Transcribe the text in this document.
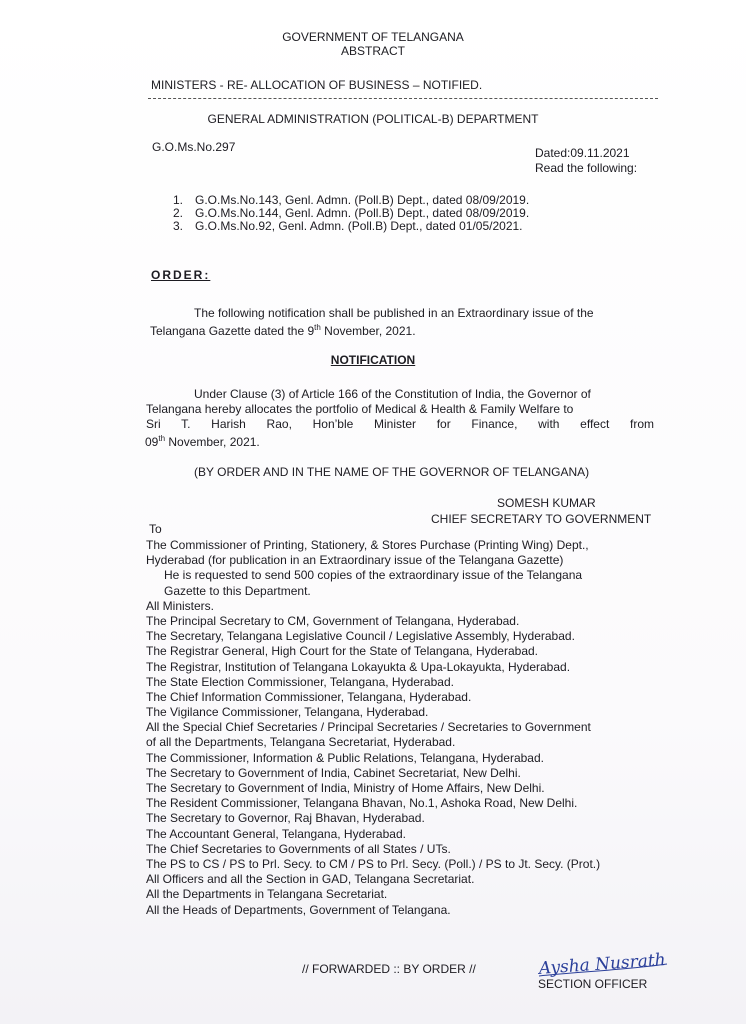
GOVERNMENT OF TELANGANA
ABSTRACT
MINISTERS - RE- ALLOCATION OF BUSINESS – NOTIFIED.
GENERAL ADMINISTRATION (POLITICAL-B) DEPARTMENT
G.O.Ms.No.297	Dated:09.11.2021
Read the following:
1. G.O.Ms.No.143, Genl. Admn. (Poll.B) Dept., dated 08/09/2019.
2. G.O.Ms.No.144, Genl. Admn. (Poll.B) Dept., dated 08/09/2019.
3. G.O.Ms.No.92, Genl. Admn. (Poll.B) Dept., dated 01/05/2021.
ORDER:
The following notification shall be published in an Extraordinary issue of the
Telangana Gazette dated the 9th November, 2021.
NOTIFICATION
Under Clause (3) of Article 166 of the Constitution of India, the Governor of
Telangana hereby allocates the portfolio of Medical & Health & Family Welfare to
Sri T. Harish Rao, Hon’ble Minister for Finance, with effect from
09th November, 2021.
(BY ORDER AND IN THE NAME OF THE GOVERNOR OF TELANGANA)
SOMESH KUMAR
CHIEF SECRETARY TO GOVERNMENT
To
The Commissioner of Printing, Stationery, & Stores Purchase (Printing Wing) Dept.,
Hyderabad (for publication in an Extraordinary issue of the Telangana Gazette)
He is requested to send 500 copies of the extraordinary issue of the Telangana
Gazette to this Department.
All Ministers.
The Principal Secretary to CM, Government of Telangana, Hyderabad.
The Secretary, Telangana Legislative Council / Legislative Assembly, Hyderabad.
The Registrar General, High Court for the State of Telangana, Hyderabad.
The Registrar, Institution of Telangana Lokayukta & Upa-Lokayukta, Hyderabad.
The State Election Commissioner, Telangana, Hyderabad.
The Chief Information Commissioner, Telangana, Hyderabad.
The Vigilance Commissioner, Telangana, Hyderabad.
All the Special Chief Secretaries / Principal Secretaries / Secretaries to Government
of all the Departments, Telangana Secretariat, Hyderabad.
The Commissioner, Information & Public Relations, Telangana, Hyderabad.
The Secretary to Government of India, Cabinet Secretariat, New Delhi.
The Secretary to Government of India, Ministry of Home Affairs, New Delhi.
The Resident Commissioner, Telangana Bhavan, No.1, Ashoka Road, New Delhi.
The Secretary to Governor, Raj Bhavan, Hyderabad.
The Accountant General, Telangana, Hyderabad.
The Chief Secretaries to Governments of all States / UTs.
The PS to CS / PS to Prl. Secy. to CM / PS to Prl. Secy. (Poll.) / PS to Jt. Secy. (Prot.)
All Officers and all the Section in GAD, Telangana Secretariat.
All the Departments in Telangana Secretariat.
All the Heads of Departments, Government of Telangana.
// FORWARDED :: BY ORDER //	Aysha Nusrath
SECTION OFFICER
